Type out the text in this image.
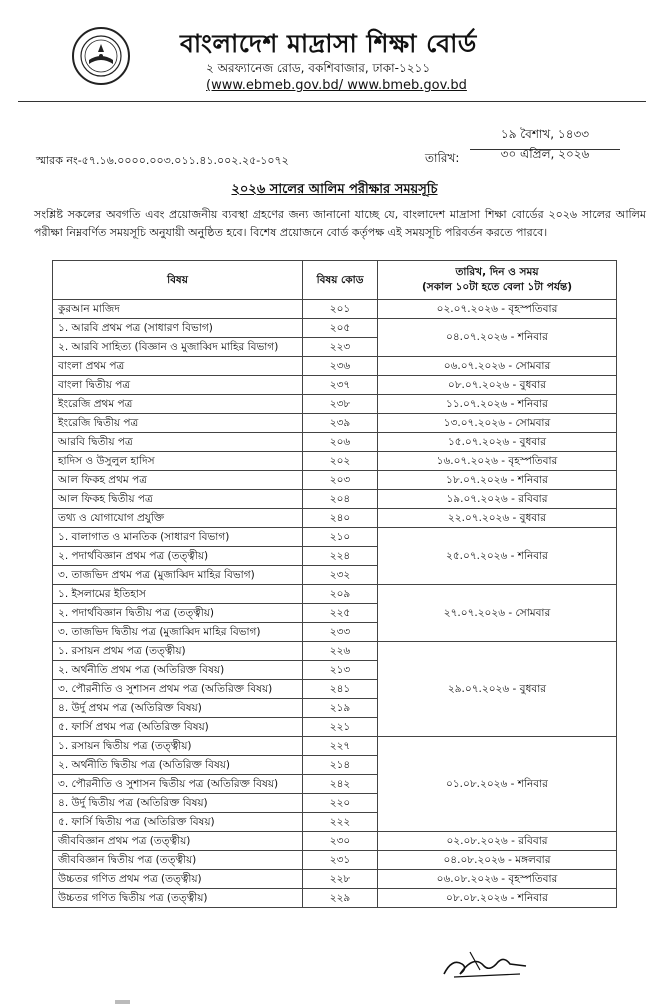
বাংলাদেশ মাদ্রাসা শিক্ষা বোর্ড
২ অরফ্যানেজ রোড, বকশিবাজার, ঢাকা-১২১১
(www.ebmeb.gov.bd/ www.bmeb.gov.bd
স্মারক নং-৫৭.১৬.০০০০.০০৩.০১১.৪১.০০২.২৫-১০৭২	তারিখ:
১৯ বৈশাখ, ১৪৩৩
৩০ এপ্রিল, ২০২৬
২০২৬ সালের আলিম পরীক্ষার সময়সূচি
সংশ্লিষ্ট সকলের অবগতি এবং প্রয়োজনীয় ব্যবস্থা গ্রহণের জন্য জানানো যাচ্ছে যে, বাংলাদেশ মাদ্রাসা শিক্ষা বোর্ডের ২০২৬ সালের আলিম পরীক্ষা নিম্নবর্ণিত সময়সূচি অনুযায়ী অনুষ্ঠিত হবে। বিশেষ প্রয়োজনে বোর্ড কর্তৃপক্ষ এই সময়সূচি পরিবর্তন করতে পারবে।
বিষয়	বিষয় কোড	তারিখ, দিন ও সময়
(সকাল ১০টা হতে বেলা ১টা পর্যন্ত)

কুরআন মাজিদ	২০১	০২.০৭.২০২৬ - বৃহস্পতিবার
১. আরবি প্রথম পত্র (সাধারণ বিভাগ)	২০৫	০৪.০৭.২০২৬ - শনিবার
২. আরবি সাহিত্য (বিজ্ঞান ও মুজাব্বিদ মাহির বিভাগ)	২২৩	
বাংলা প্রথম পত্র	২৩৬	০৬.০৭.২০২৬ - সোমবার
বাংলা দ্বিতীয় পত্র	২৩৭	০৮.০৭.২০২৬ - বুধবার
ইংরেজি প্রথম পত্র	২৩৮	১১.০৭.২০২৬ - শনিবার
ইংরেজি দ্বিতীয় পত্র	২৩৯	১৩.০৭.২০২৬ - সোমবার
আরবি দ্বিতীয় পত্র	২০৬	১৫.০৭.২০২৬ - বুধবার
হাদিস ও উসুলুল হাদিস	২০২	১৬.০৭.২০২৬ - বৃহস্পতিবার
আল ফিকহ প্রথম পত্র	২০৩	১৮.০৭.২০২৬ - শনিবার
আল ফিকহ দ্বিতীয় পত্র	২০৪	১৯.০৭.২০২৬ - রবিবার
তথ্য ও যোগাযোগ প্রযুক্তি	২৪০	২২.০৭.২০২৬ - বুধবার
১. বালাগাত ও মানতিক (সাধারণ বিভাগ)	২১০	২৫.০৭.২০২৬ - শনিবার
২. পদার্থবিজ্ঞান প্রথম পত্র (তত্ত্বীয়)	২২৪	
৩. তাজভিদ প্রথম পত্র (মুজাব্বিদ মাহির বিভাগ)	২৩২	
১. ইসলামের ইতিহাস	২০৯	২৭.০৭.২০২৬ - সোমবার
২. পদার্থবিজ্ঞান দ্বিতীয় পত্র (তত্ত্বীয়)	২২৫	
৩. তাজভিদ দ্বিতীয় পত্র (মুজাব্বিদ মাহির বিভাগ)	২৩৩	
১. রসায়ন প্রথম পত্র (তত্ত্বীয়)	২২৬	২৯.০৭.২০২৬ - বুধবার
২. অর্থনীতি প্রথম পত্র (অতিরিক্ত বিষয়)	২১৩	
৩. পৌরনীতি ও সুশাসন প্রথম পত্র (অতিরিক্ত বিষয়)	২৪১	
৪. উর্দু প্রথম পত্র (অতিরিক্ত বিষয়)	২১৯	
৫. ফার্সি প্রথম পত্র (অতিরিক্ত বিষয়)	২২১	
১. রসায়ন দ্বিতীয় পত্র (তত্ত্বীয়)	২২৭	০১.০৮.২০২৬ - শনিবার
২. অর্থনীতি দ্বিতীয় পত্র (অতিরিক্ত বিষয়)	২১৪	
৩. পৌরনীতি ও সুশাসন দ্বিতীয় পত্র (অতিরিক্ত বিষয়)	২৪২	
৪. উর্দু দ্বিতীয় পত্র (অতিরিক্ত বিষয়)	২২০	
৫. ফার্সি দ্বিতীয় পত্র (অতিরিক্ত বিষয়)	২২২	
জীববিজ্ঞান প্রথম পত্র (তত্ত্বীয়)	২৩০	০২.০৮.২০২৬ - রবিবার
জীববিজ্ঞান দ্বিতীয় পত্র (তত্ত্বীয়)	২৩১	০৪.০৮.২০২৬ - মঙ্গলবার
উচ্চতর গণিত প্রথম পত্র (তত্ত্বীয়)	২২৮	০৬.০৮.২০২৬ - বৃহস্পতিবার
উচ্চতর গণিত দ্বিতীয় পত্র (তত্ত্বীয়)	২২৯	০৮.০৮.২০২৬ - শনিবার
